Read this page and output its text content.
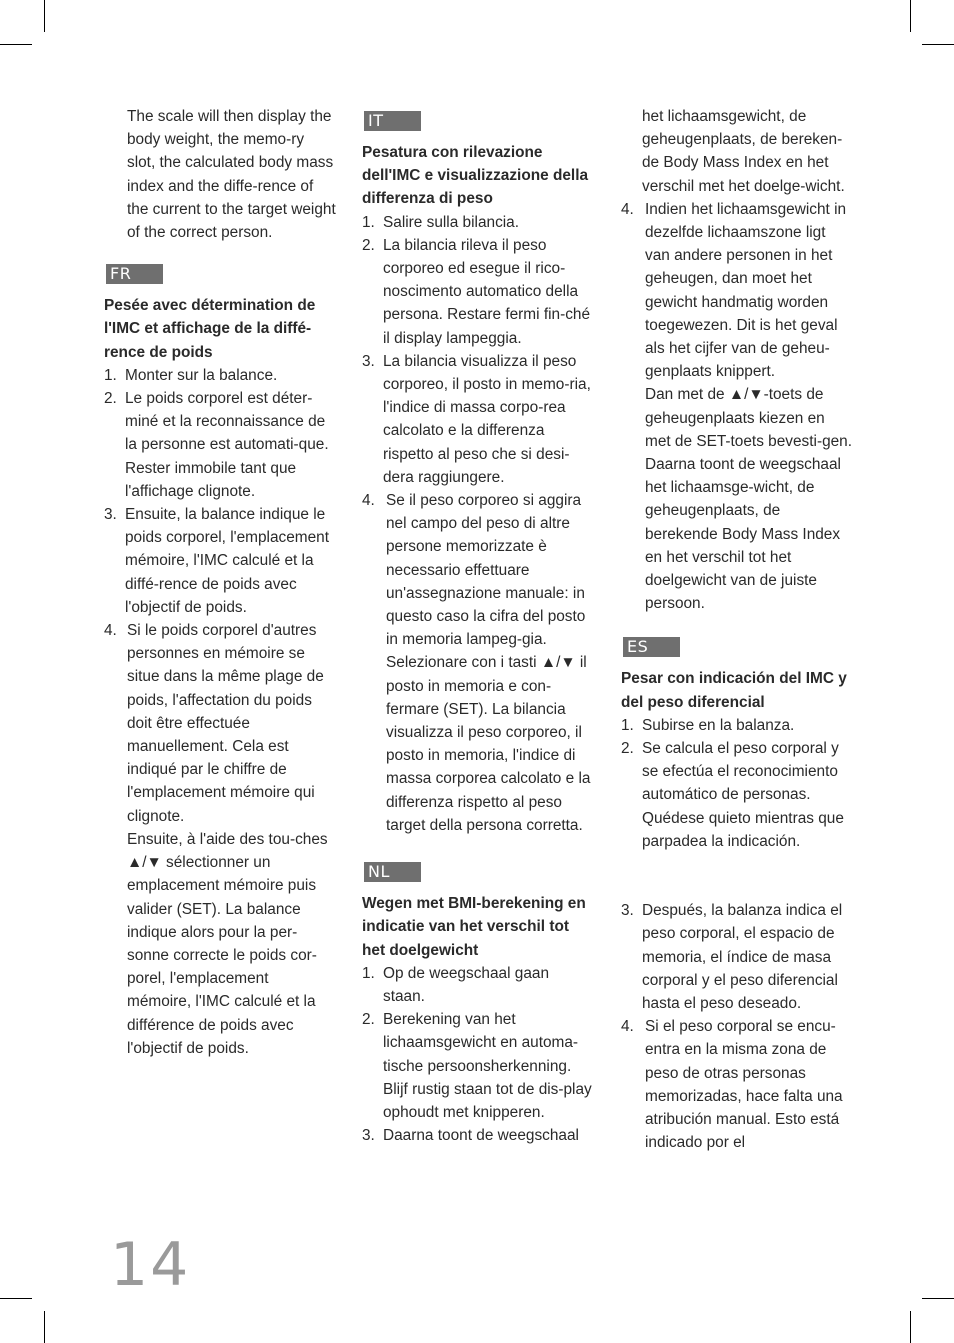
The scale will then display the body weight, the memo-ry slot, the calculated body mass index and the diffe-rence of the current to the target weight of the correct person.

FR

Pesée avec détermination de l'IMC et affichage de la diffé-rence de poids

1. Monter sur la balance.
2. Le poids corporel est déter-miné et la reconnaissance de la personne est automati-que. Rester immobile tant que l'affichage clignote.
3. Ensuite, la balance indique le poids corporel, l'emplacement mémoire, l'IMC calculé et la diffé-rence de poids avec l'objectif de poids.
4. Si le poids corporel d'autres personnes en mémoire se situe dans la même plage de poids, l'affectation du poids doit être effectuée manuellement. Cela est indiqué par le chiffre de l'emplacement mémoire qui clignote.
Ensuite, à l'aide des tou-ches ▲/▼ sélectionner un emplacement mémoire puis valider (SET). La balance indique alors pour la per-sonne correcte le poids cor-porel, l'emplacement mémoire, l'IMC calculé et la différence de poids avec l'objectif de poids.
IT

Pesatura con rilevazione dell'IMC e visualizzazione della differenza di peso

1. Salire sulla bilancia.
2. La bilancia rileva il peso corporeo ed esegue il rico-noscimento automatico della persona. Restare fermi fin-ché il display lampeggia.
3. La bilancia visualizza il peso corporeo, il posto in memo-ria, l'indice di massa corpo-rea calcolato e la differenza rispetto al peso che si desi-dera raggiungere.
4. Se il peso corporeo si aggira nel campo del peso di altre persone memorizzate è necessario effettuare un'assegnazione manuale: in questo caso la cifra del posto in memoria lampeg-gia.
Selezionare con i tasti ▲/▼ il posto in memoria e con-fermare (SET). La bilancia visualizza il peso corporeo, il posto in memoria, l'indice di massa corporea calcolato e la differenza rispetto al peso target della persona corretta.
NL

Wegen met BMI-berekening en indicatie van het verschil tot het doelgewicht

1. Op de weegschaal gaan staan.
2. Berekening van het lichaamsgewicht en automa-tische persoonsherkenning. Blijf rustig staan tot de dis-play ophoudt met knipperen.
3. Daarna toont de weegschaal

het lichaamsgewicht, de geheugenplaats, de bereken-de Body Mass Index en het verschil met het doelge-wicht.

4. Indien het lichaamsgewicht in dezelfde lichaamszone ligt van andere personen in het geheugen, dan moet het gewicht handmatig worden toegewezen. Dit is het geval als het cijfer van de geheu-genplaats knippert.
Dan met de ▲/▼-toets de geheugenplaats kiezen en met de SET-toets bevesti-gen. Daarna toont de weegschaal het lichaamsge-wicht, de geheugenplaats, de berekende Body Mass Index en het verschil tot het doelgewicht van de juiste persoon.
ES

Pesar con indicación del IMC y del peso diferencial

1. Subirse en la balanza.
2. Se calcula el peso corporal y se efectúa el reconocimiento automático de personas. Quédese quieto mientras que parpadea la indicación.
3. Después, la balanza indica el peso corporal, el espacio de memoria, el índice de masa corporal y el peso diferencial hasta el peso deseado.
4. Si el peso corporal se encu-entra en la misma zona de peso de otras personas memorizadas, hace falta una atribución manual. Esto está indicado por el
14
